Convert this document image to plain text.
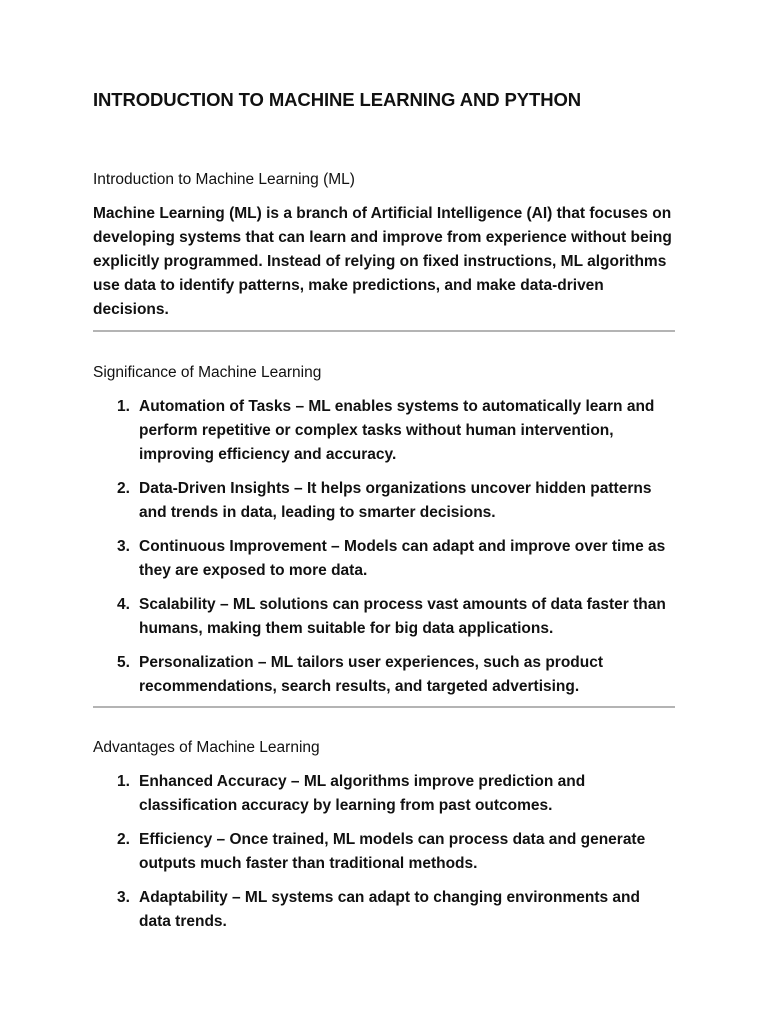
INTRODUCTION TO MACHINE LEARNING AND PYTHON
Introduction to Machine Learning (ML)

Machine Learning (ML) is a branch of Artificial Intelligence (AI) that focuses on developing systems that can learn and improve from experience without being explicitly programmed. Instead of relying on fixed instructions, ML algorithms use data to identify patterns, make predictions, and make data-driven decisions.

Significance of Machine Learning
1. Automation of Tasks – ML enables systems to automatically learn and perform repetitive or complex tasks without human intervention, improving efficiency and accuracy.
2. Data-Driven Insights – It helps organizations uncover hidden patterns and trends in data, leading to smarter decisions.
3. Continuous Improvement – Models can adapt and improve over time as they are exposed to more data.
4. Scalability – ML solutions can process vast amounts of data faster than humans, making them suitable for big data applications.
5. Personalization – ML tailors user experiences, such as product recommendations, search results, and targeted advertising.
Advantages of Machine Learning
1. Enhanced Accuracy – ML algorithms improve prediction and classification accuracy by learning from past outcomes.
2. Efficiency – Once trained, ML models can process data and generate outputs much faster than traditional methods.
3. Adaptability – ML systems can adapt to changing environments and data trends.
